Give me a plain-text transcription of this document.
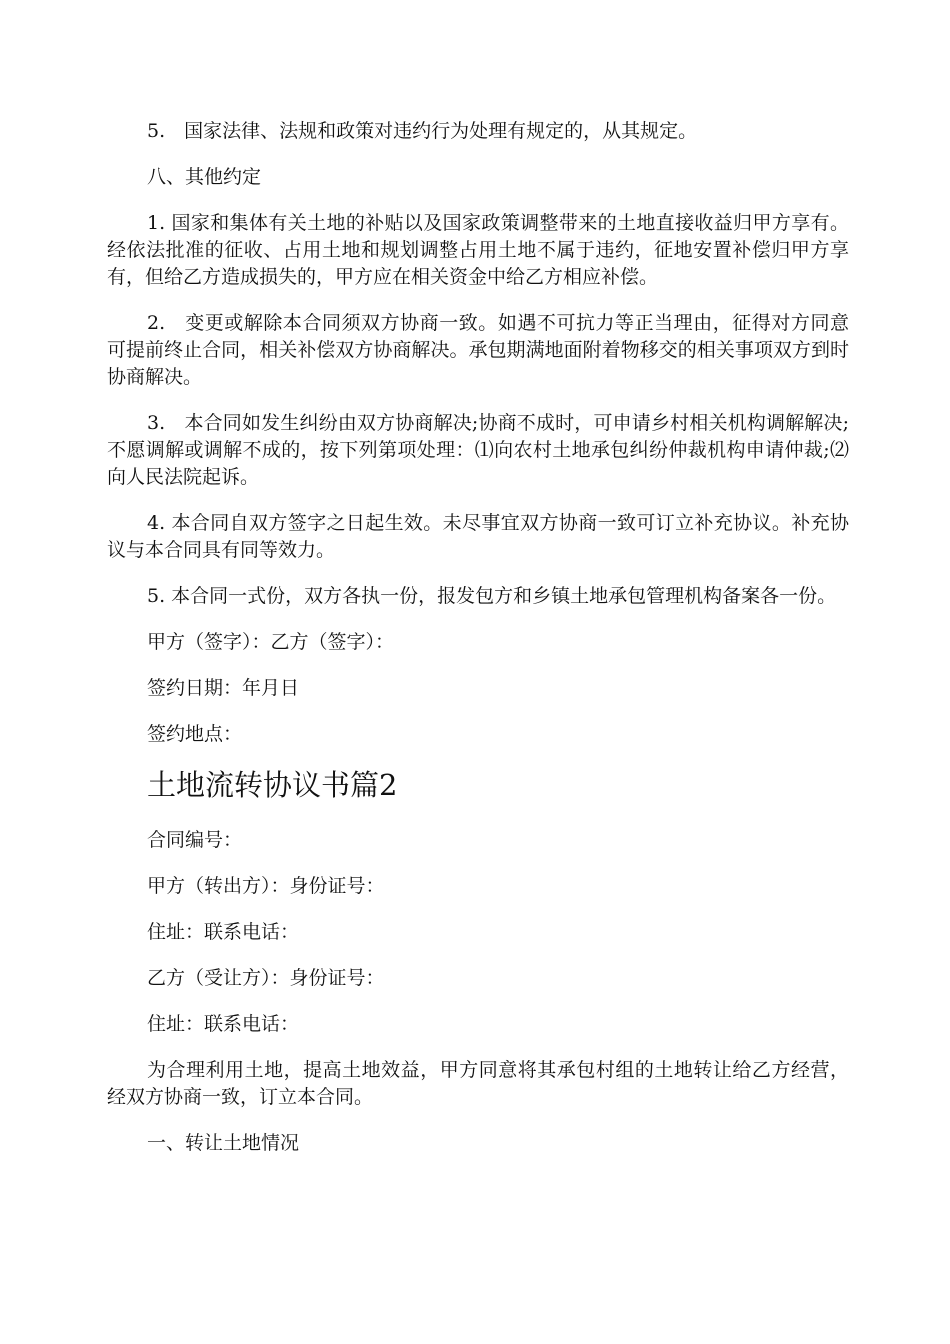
5.　国家法律、法规和政策对违约行为处理有规定的，从其规定。

八、其他约定

1. 国家和集体有关土地的补贴以及国家政策调整带来的土地直接收益归甲方享有。经依法批准的征收、占用土地和规划调整占用土地不属于违约，征地安置补偿归甲方享有，但给乙方造成损失的，甲方应在相关资金中给乙方相应补偿。

2.　变更或解除本合同须双方协商一致。如遇不可抗力等正当理由，征得对方同意可提前终止合同，相关补偿双方协商解决。承包期满地面附着物移交的相关事项双方到时协商解决。

3.　本合同如发生纠纷由双方协商解决;协商不成时，可申请乡村相关机构调解解决;不愿调解或调解不成的，按下列第项处理：⑴向农村土地承包纠纷仲裁机构申请仲裁;⑵向人民法院起诉。

4. 本合同自双方签字之日起生效。未尽事宜双方协商一致可订立补充协议。补充协议与本合同具有同等效力。

5. 本合同一式份，双方各执一份，报发包方和乡镇土地承包管理机构备案各一份。

甲方（签字）：乙方（签字）：

签约日期：年月日

签约地点：

土地流转协议书篇2

合同编号：

甲方（转出方）：身份证号：

住址：联系电话：

乙方（受让方）：身份证号：

住址：联系电话：

为合理利用土地，提高土地效益，甲方同意将其承包村组的土地转让给乙方经营，经双方协商一致，订立本合同。

一、转让土地情况
